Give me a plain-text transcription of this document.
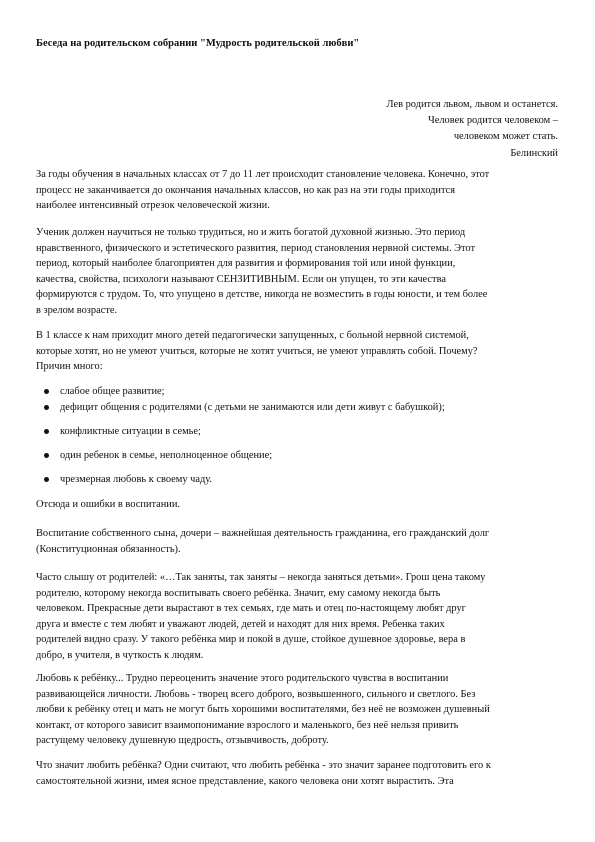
Беседа на родительском собрании "Мудрость родительской любви"
Лев родится львом, львом и останется.
Человек родится человеком –
человеком может стать.
Белинский
За годы обучения в начальных классах от 7 до 11 лет происходит становление человека. Конечно, этот
процесс не заканчивается до окончания начальных классов, но как раз на эти годы приходится
наиболее интенсивный отрезок человеческой жизни.
Ученик должен научиться не только трудиться, но и жить богатой духовной жизнью. Это период
нравственного, физического и эстетического развития, период становления нервной системы. Этот
период, который наиболее благоприятен для развития и формирования той или иной функции,
качества, свойства, психологи называют СЕНЗИТИВНЫМ. Если он упущен, то эти качества
формируются с трудом. То, что упущено в детстве, никогда не возместить в годы юности, и тем более
в зрелом возрасте.
В 1 классе к нам приходит много детей педагогически запущенных, с больной нервной системой,
которые хотят, но не умеют учиться, которые не хотят учиться, не умеют управлять собой. Почему?
Причин много:
слабое общее развитие;
дефицит общения с родителями (с детьми не занимаются или дети живут с бабушкой);
конфликтные ситуации в семье;
один ребенок в семье, неполноценное общение;
чрезмерная любовь к своему чаду.
Отсюда и ошибки в воспитании.
Воспитание собственного сына, дочери – важнейшая деятельность гражданина, его гражданский долг
(Конституционная обязанность).
Часто слышу от родителей: «…Так заняты, так заняты – некогда заняться детьми». Грош цена такому
родителю, которому некогда воспитывать своего ребёнка. Значит, ему самому некогда быть
человеком. Прекрасные дети вырастают в тех семьях, где мать и отец по-настоящему любят друг
друга и вместе с тем любят и уважают людей, детей и находят для них время. Ребенка таких
родителей видно сразу. У такого ребёнка мир и покой в душе, стойкое душевное здоровье, вера в
добро, в учителя, в чуткость к людям.
Любовь к ребёнку... Трудно переоценить значение этого родительского чувства в воспитании
развивающейся личности. Любовь - творец всего доброго, возвышенного, сильного и светлого. Без
любви к ребёнку отец и мать не могут быть хорошими воспитателями, без неё не возможен душевный
контакт, от которого зависит взаимопонимание взрослого и маленького, без неё нельзя привить
растущему человеку душевную щедрость, отзывчивость, доброту.
Что значит любить ребёнка? Одни считают, что любить ребёнка - это значит заранее подготовить его к
самостоятельной жизни, имея ясное представление, какого человека они хотят вырастить. Эта
